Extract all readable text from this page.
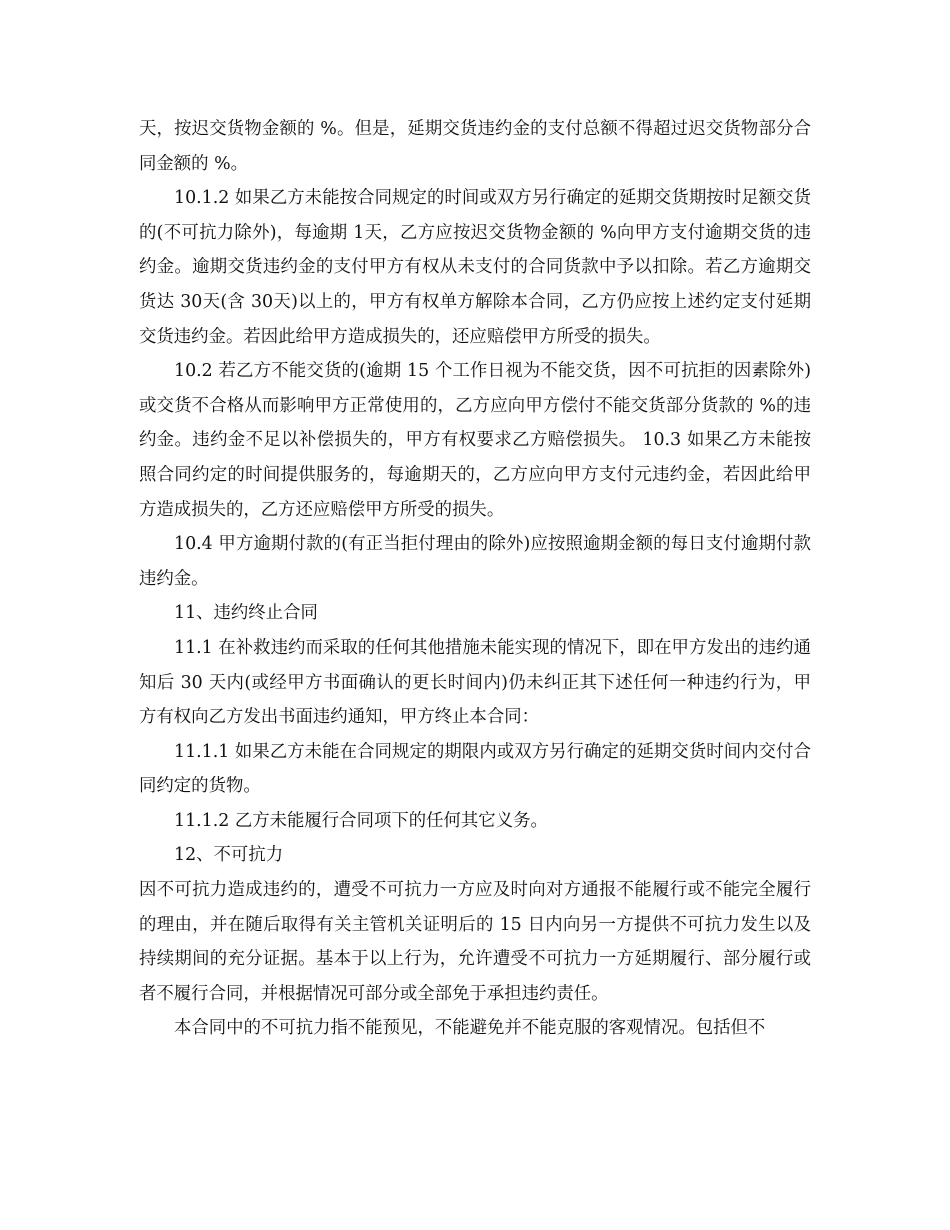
天，按迟交货物金额的 %。但是，延期交货违约金的支付总额不得超过迟交货物部分合同金额的 %。

10.1.2 如果乙方未能按合同规定的时间或双方另行确定的延期交货期按时足额交货的(不可抗力除外)，每逾期 1天，乙方应按迟交货物金额的 %向甲方支付逾期交货的违约金。逾期交货违约金的支付甲方有权从未支付的合同货款中予以扣除。若乙方逾期交货达 30天(含 30天)以上的，甲方有权单方解除本合同，乙方仍应按上述约定支付延期交货违约金。若因此给甲方造成损失的，还应赔偿甲方所受的损失。

10.2 若乙方不能交货的(逾期 15 个工作日视为不能交货，因不可抗拒的因素除外)或交货不合格从而影响甲方正常使用的，乙方应向甲方偿付不能交货部分货款的 %的违约金。违约金不足以补偿损失的，甲方有权要求乙方赔偿损失。 10.3 如果乙方未能按照合同约定的时间提供服务的，每逾期天的，乙方应向甲方支付元违约金，若因此给甲方造成损失的，乙方还应赔偿甲方所受的损失。

10.4 甲方逾期付款的(有正当拒付理由的除外)应按照逾期金额的每日支付逾期付款违约金。

11、违约终止合同

11.1 在补救违约而采取的任何其他措施未能实现的情况下，即在甲方发出的违约通知后 30 天内(或经甲方书面确认的更长时间内)仍未纠正其下述任何一种违约行为，甲方有权向乙方发出书面违约通知，甲方终止本合同：

11.1.1 如果乙方未能在合同规定的期限内或双方另行确定的延期交货时间内交付合同约定的货物。

11.1.2 乙方未能履行合同项下的任何其它义务。

12、不可抗力

因不可抗力造成违约的，遭受不可抗力一方应及时向对方通报不能履行或不能完全履行的理由，并在随后取得有关主管机关证明后的 15 日内向另一方提供不可抗力发生以及持续期间的充分证据。基本于以上行为，允许遭受不可抗力一方延期履行、部分履行或者不履行合同，并根据情况可部分或全部免于承担违约责任。

本合同中的不可抗力指不能预见，不能避免并不能克服的客观情况。包括但不
